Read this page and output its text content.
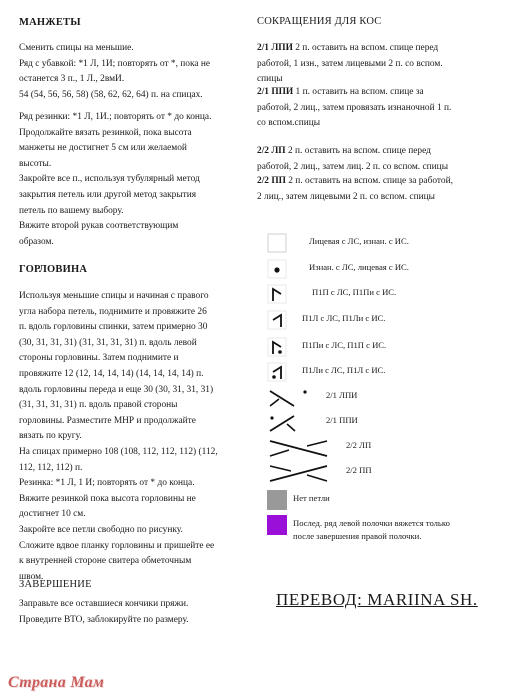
МАНЖЕТЫ
Сменить спицы на меньшие.
Ряд с убавкой: *1 Л, 1И; повторять от *, пока не
останется 3 п., 1 Л., 2вмИ.
54 (54, 56, 56, 58) (58, 62, 62, 64) п. на спицах.
Ряд резинки: *1 Л, 1И.; повторять от * до конца.
Продолжайте вязать резинкой, пока высота
манжеты не достигнет 5 см или желаемой
высоты.
Закройте все п., используя тубулярный метод
закрытия петель или другой метод закрытия
петель по вашему выбору.
Вяжите второй рукав соответствующим
образом.
ГОРЛОВИНА
Используя меньшие спицы и начиная с правого
угла набора петель, поднимите и провяжите 26
п. вдоль горловины спинки, затем примерно 30
(30, 31, 31, 31) (31, 31, 31, 31) п. вдоль левой
стороны горловины. Затем поднимите и
провяжите 12 (12, 14, 14, 14) (14, 14, 14, 14) п.
вдоль горловины переда и еще 30 (30, 31, 31, 31)
(31, 31, 31, 31) п. вдоль правой стороны
горловины. Разместите МНР и продолжайте
вязать по кругу.
На спицах примерно 108 (108, 112, 112, 112) (112,
112, 112, 112) п.
Резинка: *1 Л, 1 И; повторять от * до конца.
Вяжите резинкой пока высота горловины не
достигнет 10 см.
Закройте все петли свободно по рисунку.
Сложите вдвое планку горловины и пришейте ее
к внутренней стороне свитера обметочным
швом.
ЗАВЕРШЕНИЕ
Заправьте все оставшиеся кончики пряжи.
Проведите ВТО, заблокируйте по размеру.
СОКРАЩЕНИЯ ДЛЯ КОС
2/1 ЛПИ 2 п. оставить на вспом. спице перед
работой, 1 изн., затем лицевыми 2 п. со вспом.
спицы
2/1 ППИ 1 п. оставить на вспом. спице за
работой, 2 лиц., затем провязать изнаночной 1 п.
со вспом.спицы
2/2 ЛП 2 п. оставить на вспом. спице перед
работой, 2 лиц., затем лиц. 2 п. со вспом. спицы
2/2 ПП 2 п. оставить на вспом. спице за работой,
2 лиц., затем лицевыми 2 п. со вспом. спицы
Лицевая с ЛС, изнан. с ИС.
Изнан. с ЛС, лицевая с ИС.
П1П с ЛС, П1Пи с ИС.
П1Л с ЛС, П1Ли с ИС.
П1Пи с ЛС, П1П с ИС.
П1Ли с ЛС, П1Л с ИС.
2/1 ЛПИ
2/1 ППИ
2/2 ЛП
2/2 ПП
Нет петли
Послед. ряд левой полочки вяжется только
после завершения правой полочки.
ПЕРЕВОД: MARIINA SH.
Страна Мам
